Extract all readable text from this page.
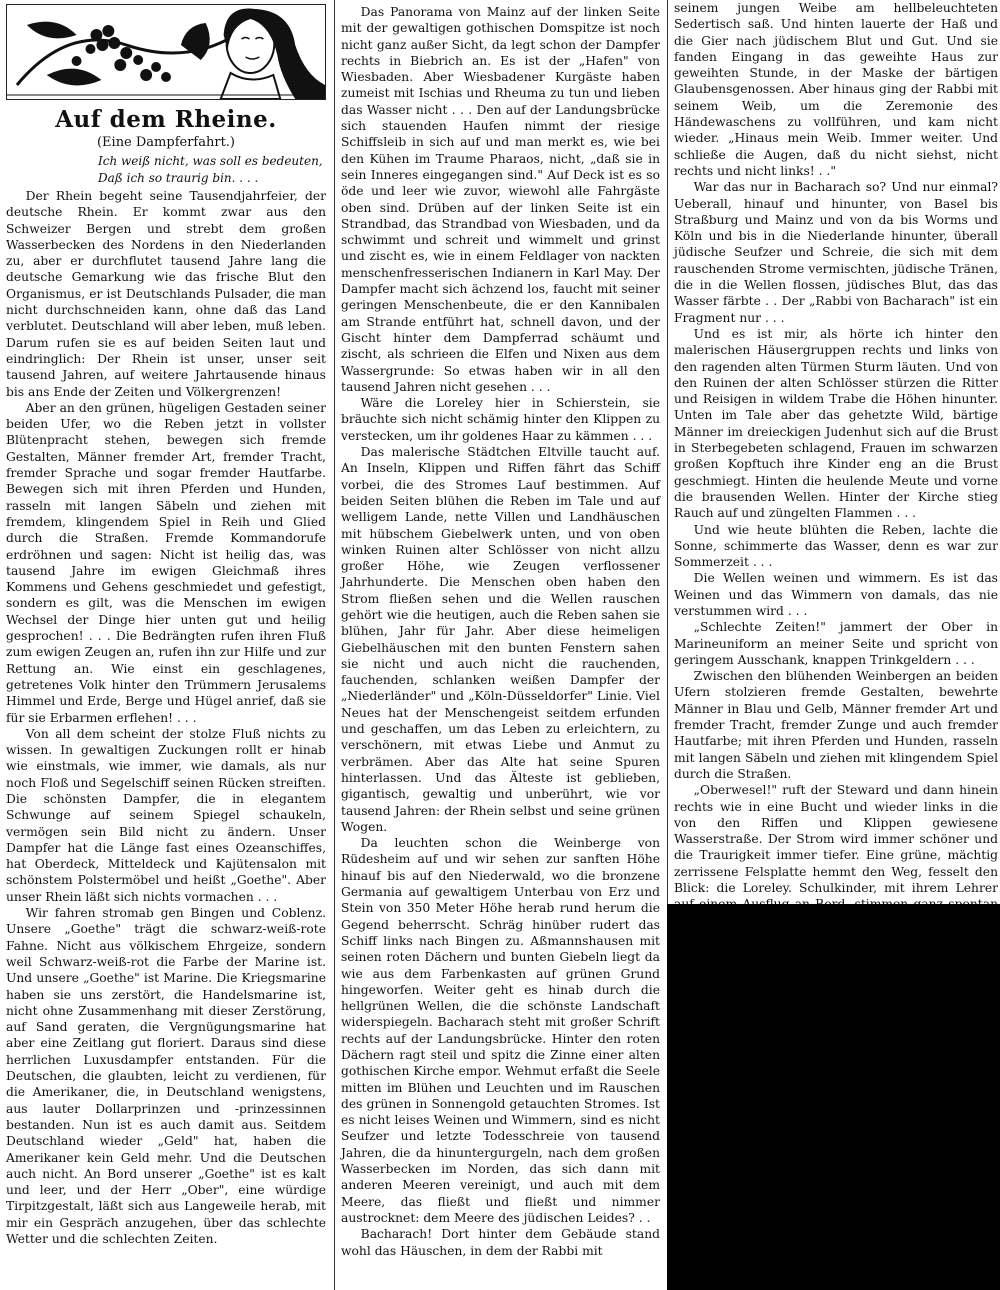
Auf dem Rheine.
(Eine Dampferfahrt.)
Ich weiß nicht, was soll es bedeuten,
Daß ich so traurig bin. . . .

Der Rhein begeht seine Tausendjahrfeier, der deutsche Rhein. Er kommt zwar aus den Schweizer Bergen und strebt dem großen Wasserbecken des Nordens in den Niederlanden zu, aber er durchflutet tausend Jahre lang die deutsche Gemarkung wie das frische Blut den Organismus, er ist Deutschlands Pulsader, die man nicht durchschneiden kann, ohne daß das Land verblutet. Deutschland will aber leben, muß leben. Darum rufen sie es auf beiden Seiten laut und eindringlich: Der Rhein ist unser, unser seit tausend Jahren, auf weitere Jahrtausende hinaus bis ans Ende der Zeiten und Völkergrenzen!

Aber an den grünen, hügeligen Gestaden seiner beiden Ufer, wo die Reben jetzt in vollster Blütenpracht stehen, bewegen sich fremde Gestalten, Männer fremder Art, fremder Tracht, fremder Sprache und sogar fremder Hautfarbe. Bewegen sich mit ihren Pferden und Hunden, rasseln mit langen Säbeln und ziehen mit fremdem, klingendem Spiel in Reih und Glied durch die Straßen. Fremde Kommandorufe erdröhnen und sagen: Nicht ist heilig das, was tausend Jahre im ewigen Gleichmaß ihres Kommens und Gehens geschmiedet und gefestigt, sondern es gilt, was die Menschen im ewigen Wechsel der Dinge hier unten gut und heilig gesprochen! . . . Die Bedrängten rufen ihren Fluß zum ewigen Zeugen an, rufen ihn zur Hilfe und zur Rettung an. Wie einst ein geschlagenes, getretenes Volk hinter den Trümmern Jerusalems Himmel und Erde, Berge und Hügel anrief, daß sie für sie Erbarmen erflehen! . . .

Von all dem scheint der stolze Fluß nichts zu wissen. In gewaltigen Zuckungen rollt er hinab wie einstmals, wie immer, wie damals, als nur noch Floß und Segelschiff seinen Rücken streiften. Die schönsten Dampfer, die in elegantem Schwunge auf seinem Spiegel schaukeln, vermögen sein Bild nicht zu ändern. Unser Dampfer hat die Länge fast eines Ozeanschiffes, hat Oberdeck, Mitteldeck und Kajütensalon mit schönstem Polstermöbel und heißt „Goethe". Aber unser Rhein läßt sich nichts vormachen . . .

Wir fahren stromab gen Bingen und Coblenz. Unsere „Goethe" trägt die schwarz-weiß-rote Fahne. Nicht aus völkischem Ehrgeize, sondern weil Schwarz-weiß-rot die Farbe der Marine ist. Und unsere „Goethe" ist Marine. Die Kriegsmarine haben sie uns zerstört, die Handelsmarine ist, nicht ohne Zusammenhang mit dieser Zerstörung, auf Sand geraten, die Vergnügungsmarine hat aber eine Zeitlang gut floriert. Daraus sind diese herrlichen Luxusdampfer entstanden. Für die Deutschen, die glaubten, leicht zu verdienen, für die Amerikaner, die, in Deutschland wenigstens, aus lauter Dollarprinzen und -prinzessinnen bestanden. Nun ist es auch damit aus. Seitdem Deutschland wieder „Geld" hat, haben die Amerikaner kein Geld mehr. Und die Deutschen auch nicht. An Bord unserer „Goethe" ist es kalt und leer, und der Herr „Ober", eine würdige Tirpitzgestalt, läßt sich aus Langeweile herab, mit mir ein Gespräch anzugehen, über das schlechte Wetter und die schlechten Zeiten.

Das Panorama von Mainz auf der linken Seite mit der gewaltigen gothischen Domspitze ist noch nicht ganz außer Sicht, da legt schon der Dampfer rechts in Biebrich an. Es ist der „Hafen" von Wiesbaden. Aber Wiesbadener Kurgäste haben zumeist mit Ischias und Rheuma zu tun und lieben das Wasser nicht . . . Den auf der Landungsbrücke sich stauenden Haufen nimmt der riesige Schiffsleib in sich auf und man merkt es, wie bei den Kühen im Traume Pharaos, nicht, „daß sie in sein Inneres eingegangen sind." Auf Deck ist es so öde und leer wie zuvor, wiewohl alle Fahrgäste oben sind. Drüben auf der linken Seite ist ein Strandbad, das Strandbad von Wiesbaden, und da schwimmt und schreit und wimmelt und grinst und zischt es, wie in einem Feldlager von nackten menschenfresserischen Indianern in Karl May. Der Dampfer macht sich ächzend los, faucht mit seiner geringen Menschenbeute, die er den Kannibalen am Strande entführt hat, schnell davon, und der Gischt hinter dem Dampferrad schäumt und zischt, als schrieen die Elfen und Nixen aus dem Wassergrunde: So etwas haben wir in all den tausend Jahren nicht gesehen . . .

Wäre die Loreley hier in Schierstein, sie bräuchte sich nicht schämig hinter den Klippen zu verstecken, um ihr goldenes Haar zu kämmen . . .

Das malerische Städtchen Eltville taucht auf. An Inseln, Klippen und Riffen fährt das Schiff vorbei, die des Stromes Lauf bestimmen. Auf beiden Seiten blühen die Reben im Tale und auf welligem Lande, nette Villen und Landhäuschen mit hübschem Giebelwerk unten, und von oben winken Ruinen alter Schlösser von nicht allzu großer Höhe, wie Zeugen verflossener Jahrhunderte. Die Menschen oben haben den Strom fließen sehen und die Wellen rauschen gehört wie die heutigen, auch die Reben sahen sie blühen, Jahr für Jahr. Aber diese heimeligen Giebelhäuschen mit den bunten Fenstern sahen sie nicht und auch nicht die rauchenden, fauchenden, schlanken weißen Dampfer der „Niederländer" und „Köln-Düsseldorfer" Linie. Viel Neues hat der Menschengeist seitdem erfunden und geschaffen, um das Leben zu erleichtern, zu verschönern, mit etwas Liebe und Anmut zu verbrämen. Aber das Alte hat seine Spuren hinterlassen. Und das Älteste ist geblieben, gigantisch, gewaltig und unberührt, wie vor tausend Jahren: der Rhein selbst und seine grünen Wogen.

Da leuchten schon die Weinberge von Rüdesheim auf und wir sehen zur sanften Höhe hinauf bis auf den Niederwald, wo die bronzene Germania auf gewaltigem Unterbau von Erz und Stein von 350 Meter Höhe herab rund herum die Gegend beherrscht. Schräg hinüber rudert das Schiff links nach Bingen zu. Aßmannshausen mit seinen roten Dächern und bunten Giebeln liegt da wie aus dem Farbenkasten auf grünen Grund hingeworfen. Weiter geht es hinab durch die hellgrünen Wellen, die die schönste Landschaft widerspiegeln. Bacharach steht mit großer Schrift rechts auf der Landungsbrücke. Hinter den roten Dächern ragt steil und spitz die Zinne einer alten gothischen Kirche empor. Wehmut erfaßt die Seele mitten im Blühen und Leuchten und im Rauschen des grünen in Sonnengold getauchten Stromes. Ist es nicht leises Weinen und Wimmern, sind es nicht Seufzer und letzte Todesschreie von tausend Jahren, die da hinuntergurgeln, nach dem großen Wasserbecken im Norden, das sich dann mit anderen Meeren vereinigt, und auch mit dem Meere, das fließt und fließt und nimmer austrocknet: dem Meere des jüdischen Leides? . .

Bacharach! Dort hinter dem Gebäude stand wohl das Häuschen, in dem der Rabbi mit

seinem jungen Weibe am hellbeleuchteten Sedertisch saß. Und hinten lauerte der Haß und die Gier nach jüdischem Blut und Gut. Und sie fanden Eingang in das geweihte Haus zur geweihten Stunde, in der Maske der bärtigen Glaubensgenossen. Aber hinaus ging der Rabbi mit seinem Weib, um die Zeremonie des Händewaschens zu vollführen, und kam nicht wieder. „Hinaus mein Weib. Immer weiter. Und schließe die Augen, daß du nicht siehst, nicht rechts und nicht links! . ."

War das nur in Bacharach so? Und nur einmal? Ueberall, hinauf und hinunter, von Basel bis Straßburg und Mainz und von da bis Worms und Köln und bis in die Niederlande hinunter, überall jüdische Seufzer und Schreie, die sich mit dem rauschenden Strome vermischten, jüdische Tränen, die in die Wellen flossen, jüdisches Blut, das das Wasser färbte . . Der „Rabbi von Bacharach" ist ein Fragment nur . . .

Und es ist mir, als hörte ich hinter den malerischen Häusergruppen rechts und links von den ragenden alten Türmen Sturm läuten. Und von den Ruinen der alten Schlösser stürzen die Ritter und Reisigen in wildem Trabe die Höhen hinunter. Unten im Tale aber das gehetzte Wild, bärtige Männer im dreieckigen Judenhut sich auf die Brust in Sterbegebeten schlagend, Frauen im schwarzen großen Kopftuch ihre Kinder eng an die Brust geschmiegt. Hinten die heulende Meute und vorne die brausenden Wellen. Hinter der Kirche stieg Rauch auf und züngelten Flammen . . .

Und wie heute blühten die Reben, lachte die Sonne, schimmerte das Wasser, denn es war zur Sommerzeit . . .

Die Wellen weinen und wimmern. Es ist das Weinen und das Wimmern von damals, das nie verstummen wird . . .

„Schlechte Zeiten!" jammert der Ober in Marineuniform an meiner Seite und spricht von geringem Ausschank, knappen Trinkgeldern . . .

Zwischen den blühenden Weinbergen an beiden Ufern stolzieren fremde Gestalten, bewehrte Männer in Blau und Gelb, Männer fremder Art und fremder Tracht, fremder Zunge und auch fremder Hautfarbe; mit ihren Pferden und Hunden, rasseln mit langen Säbeln und ziehen mit klingendem Spiel durch die Straßen.

„Oberwesel!" ruft der Steward und dann hinein rechts wie in eine Bucht und wieder links in die von den Riffen und Klippen gewiesene Wasserstraße. Der Strom wird immer schöner und die Traurigkeit immer tiefer. Eine grüne, mächtig zerrissene Felsplatte hemmt den Weg, fesselt den Blick: die Loreley. Schulkinder, mit ihrem Lehrer
